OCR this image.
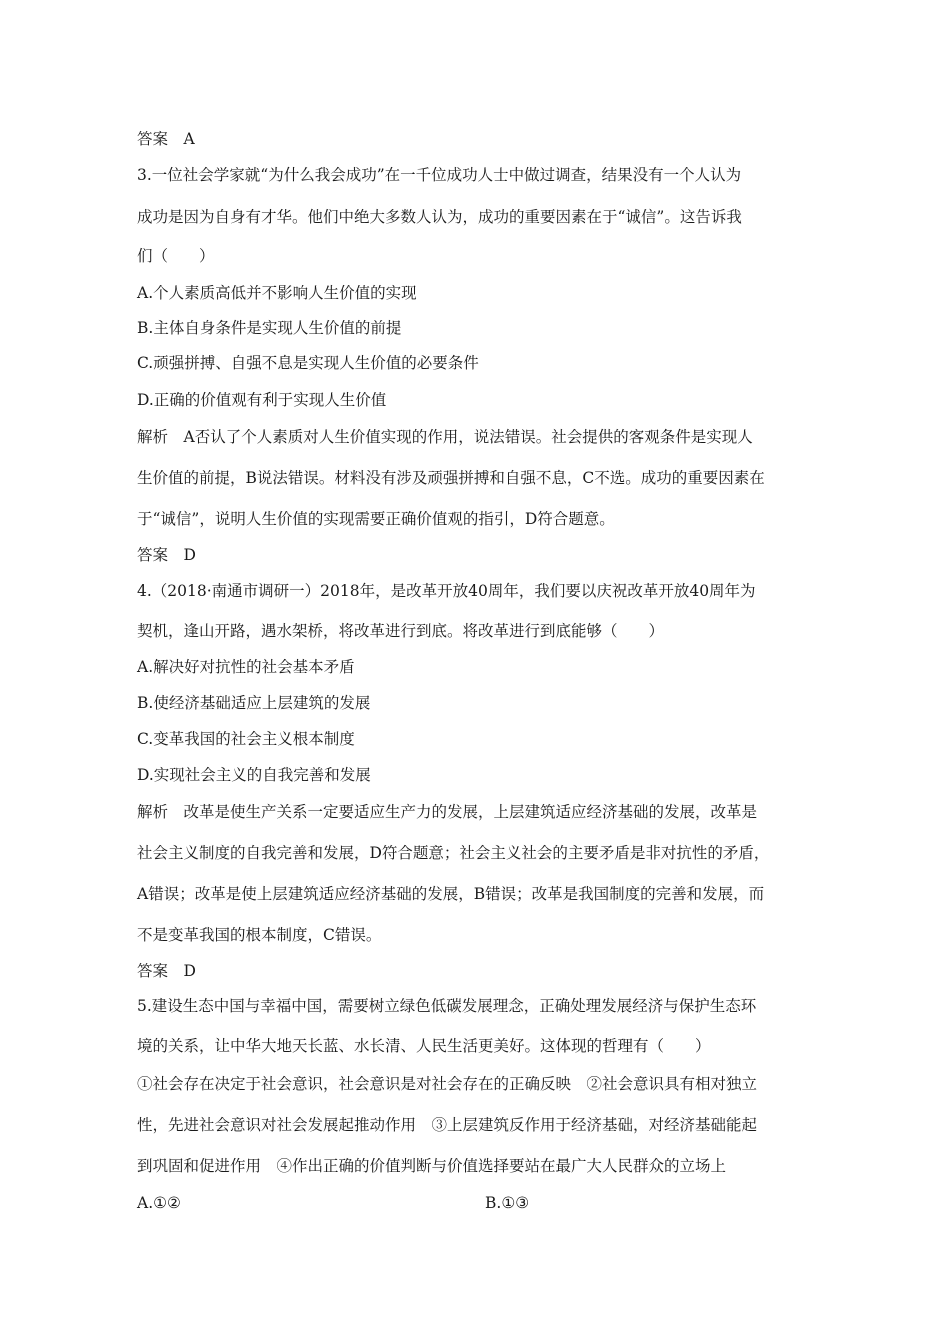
答案　A
3.一位社会学家就“为什么我会成功”在一千位成功人士中做过调查，结果没有一个人认为
成功是因为自身有才华。他们中绝大多数人认为，成功的重要因素在于“诚信”。这告诉我
们（　　）
A.个人素质高低并不影响人生价值的实现
B.主体自身条件是实现人生价值的前提
C.顽强拼搏、自强不息是实现人生价值的必要条件
D.正确的价值观有利于实现人生价值
解析　A否认了个人素质对人生价值实现的作用，说法错误。社会提供的客观条件是实现人
生价值的前提，B说法错误。材料没有涉及顽强拼搏和自强不息，C不选。成功的重要因素在
于“诚信”，说明人生价值的实现需要正确价值观的指引，D符合题意。
答案　D
4.（2018·南通市调研一）2018年，是改革开放40周年，我们要以庆祝改革开放40周年为
契机，逢山开路，遇水架桥，将改革进行到底。将改革进行到底能够（　　）
A.解决好对抗性的社会基本矛盾
B.使经济基础适应上层建筑的发展
C.变革我国的社会主义根本制度
D.实现社会主义的自我完善和发展
解析　改革是使生产关系一定要适应生产力的发展，上层建筑适应经济基础的发展，改革是
社会主义制度的自我完善和发展，D符合题意；社会主义社会的主要矛盾是非对抗性的矛盾，
A错误；改革是使上层建筑适应经济基础的发展，B错误；改革是我国制度的完善和发展，而
不是变革我国的根本制度，C错误。
答案　D
5.建设生态中国与幸福中国，需要树立绿色低碳发展理念，正确处理发展经济与保护生态环
境的关系，让中华大地天长蓝、水长清、人民生活更美好。这体现的哲理有（　　）
①社会存在决定于社会意识，社会意识是对社会存在的正确反映　②社会意识具有相对独立
性，先进社会意识对社会发展起推动作用　③上层建筑反作用于经济基础，对经济基础能起
到巩固和促进作用　④作出正确的价值判断与价值选择要站在最广大人民群众的立场上
A.①②	B.①③
